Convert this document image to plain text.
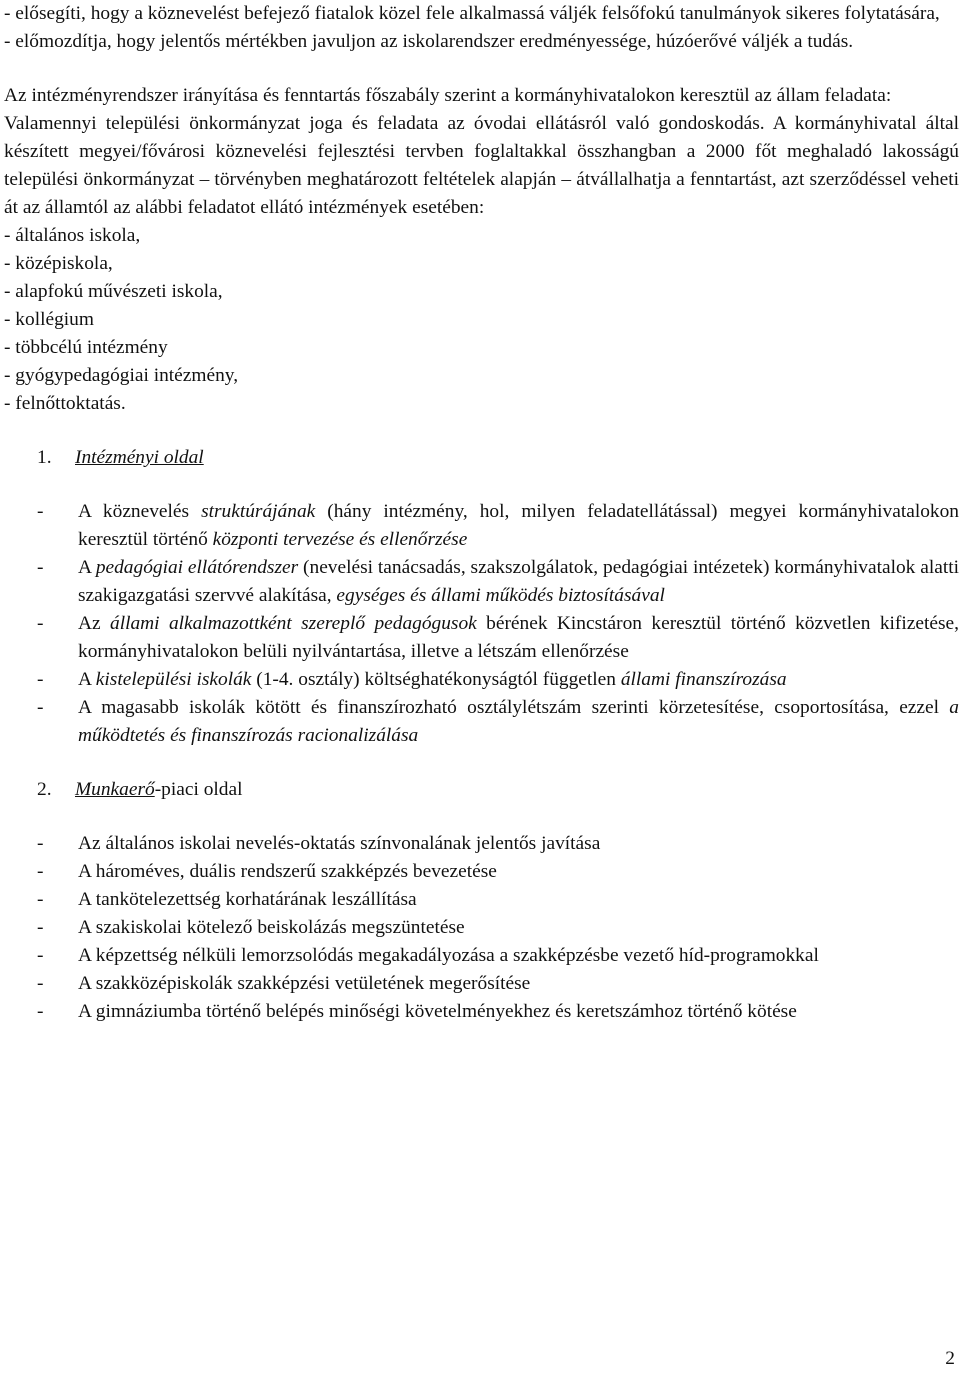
- elősegíti, hogy a köznevelést befejező fiatalok közel fele alkalmassá váljék felsőfokú tanulmányok sikeres folytatására,

- előmozdítja, hogy jelentős mértékben javuljon az iskolarendszer eredményessége, húzóerővé váljék a tudás.

Az intézményrendszer irányítása és fenntartás főszabály szerint a kormányhivatalokon keresztül az állam feladata:

Valamennyi települési önkormányzat joga és feladata az óvodai ellátásról való gondoskodás. A kormányhivatal által készített megyei/fővárosi köznevelési fejlesztési tervben foglaltakkal összhangban a 2000 főt meghaladó lakosságú települési önkormányzat – törvényben meghatározott feltételek alapján – átvállalhatja a fenntartást, azt szerződéssel veheti át az államtól az alábbi feladatot ellátó intézmények esetében:

- általános iskola,
- középiskola,
- alapfokú művészeti iskola,
- kollégium
- többcélú intézmény
- gyógypedagógiai intézmény,
- felnőttoktatás.
1. Intézményi oldal
- A köznevelés struktúrájának (hány intézmény, hol, milyen feladatellátással) megyei kormányhivatalokon keresztül történő központi tervezése és ellenőrzése
- A pedagógiai ellátórendszer (nevelési tanácsadás, szakszolgálatok, pedagógiai intézetek) kormányhivatalok alatti szakigazgatási szervvé alakítása, egységes és állami működés biztosításával
- Az állami alkalmazottként szereplő pedagógusok bérének Kincstáron keresztül történő közvetlen kifizetése, kormányhivatalokon belüli nyilvántartása, illetve a létszám ellenőrzése
- A kistelepülési iskolák (1-4. osztály) költséghatékonyságtól független állami finanszírozása
- A magasabb iskolák kötött és finanszírozható osztálylétszám szerinti körzetesítése, csoportosítása, ezzel a működtetés és finanszírozás racionalizálása
2. Munkaerő-piaci oldal
- Az általános iskolai nevelés-oktatás színvonalának jelentős javítása
- A hároméves, duális rendszerű szakképzés bevezetése
- A tankötelezettség korhatárának leszállítása
- A szakiskolai kötelező beiskolázás megszüntetése
- A képzettség nélküli lemorzsolódás megakadályozása a szakképzésbe vezető híd-programokkal
- A szakközépiskolák szakképzési vetületének megerősítése
- A gimnáziumba történő belépés minőségi követelményekhez és keretszámhoz történő kötése
2
